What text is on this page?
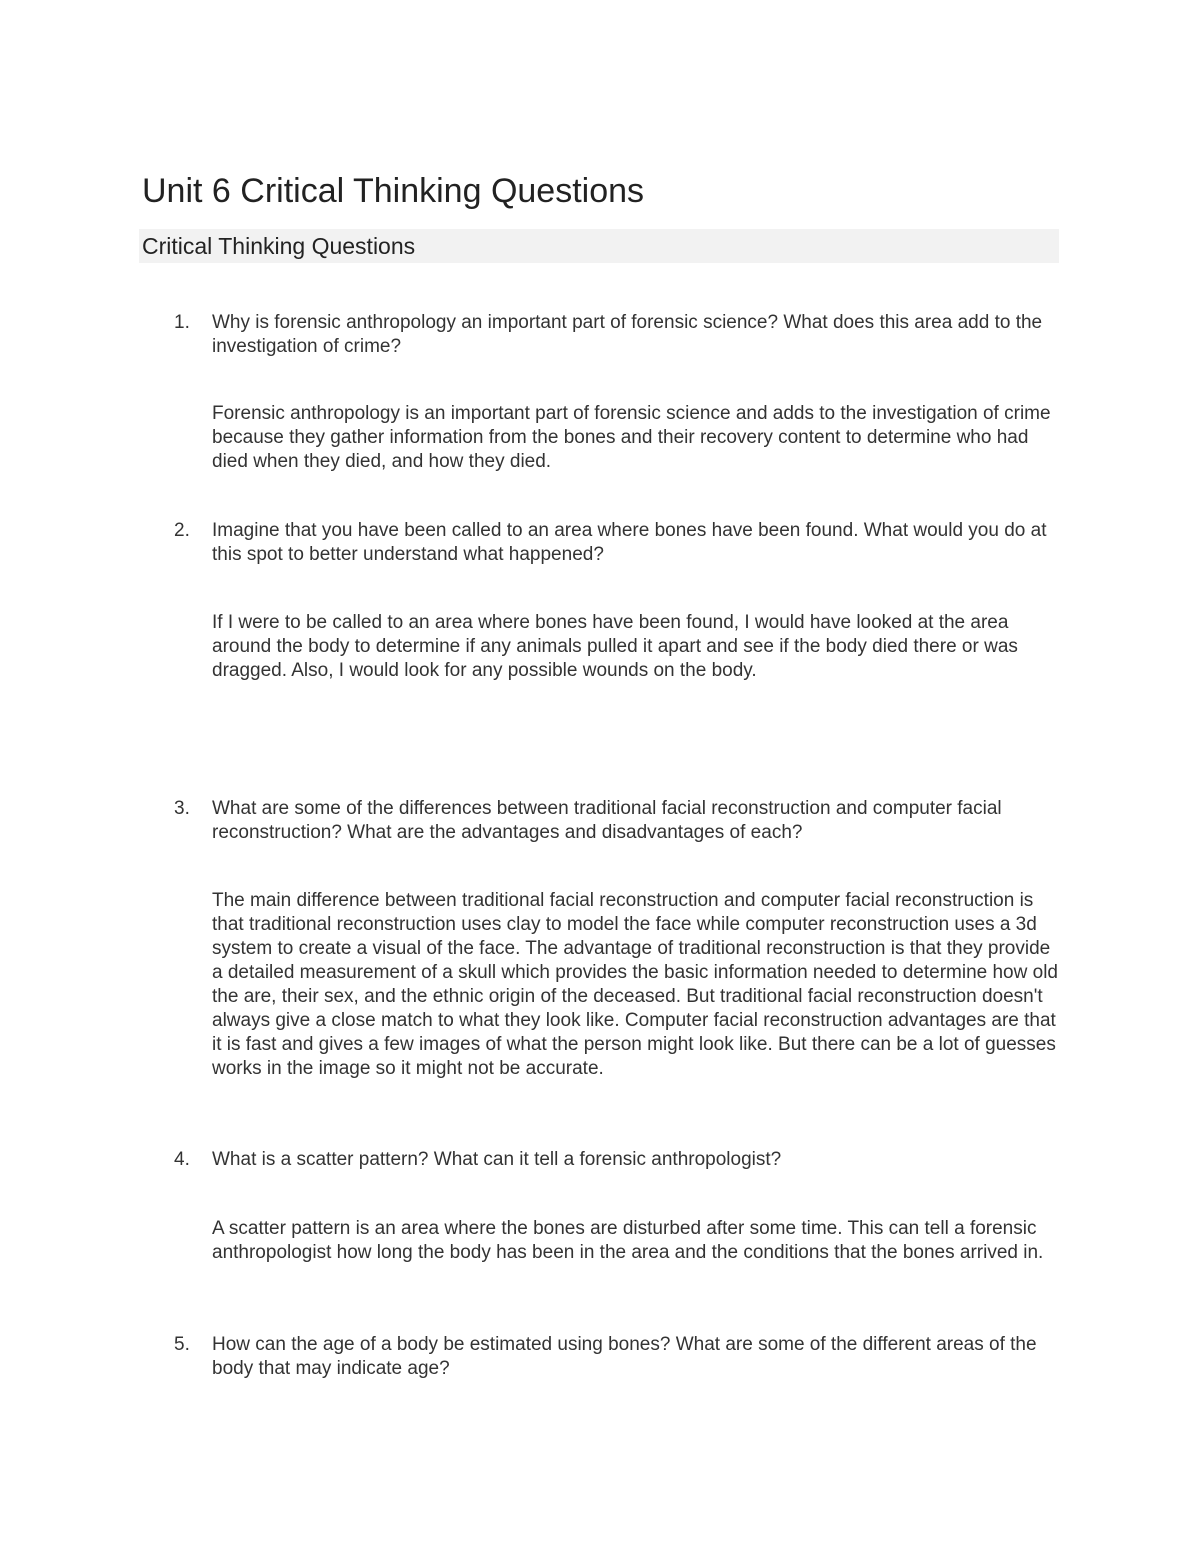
Unit 6 Critical Thinking Questions
Critical Thinking Questions
1. Why is forensic anthropology an important part of forensic science? What does this area add to the investigation of crime?

Forensic anthropology is an important part of forensic science and adds to the investigation of crime because they gather information from the bones and their recovery content to determine who had died when they died, and how they died.

2. Imagine that you have been called to an area where bones have been found. What would you do at this spot to better understand what happened?

If I were to be called to an area where bones have been found, I would have looked at the area around the body to determine if any animals pulled it apart and see if the body died there or was dragged. Also, I would look for any possible wounds on the body.

3. What are some of the differences between traditional facial reconstruction and computer facial reconstruction? What are the advantages and disadvantages of each?

The main difference between traditional facial reconstruction and computer facial reconstruction is that traditional reconstruction uses clay to model the face while computer reconstruction uses a 3d system to create a visual of the face. The advantage of traditional reconstruction is that they provide a detailed measurement of a skull which provides the basic information needed to determine how old the are, their sex, and the ethnic origin of the deceased. But traditional facial reconstruction doesn't always give a close match to what they look like. Computer facial reconstruction advantages are that it is fast and gives a few images of what the person might look like. But there can be a lot of guesses works in the image so it might not be accurate.

4. What is a scatter pattern? What can it tell a forensic anthropologist?

A scatter pattern is an area where the bones are disturbed after some time. This can tell a forensic anthropologist how long the body has been in the area and the conditions that the bones arrived in.

5. How can the age of a body be estimated using bones? What are some of the different areas of the body that may indicate age?
